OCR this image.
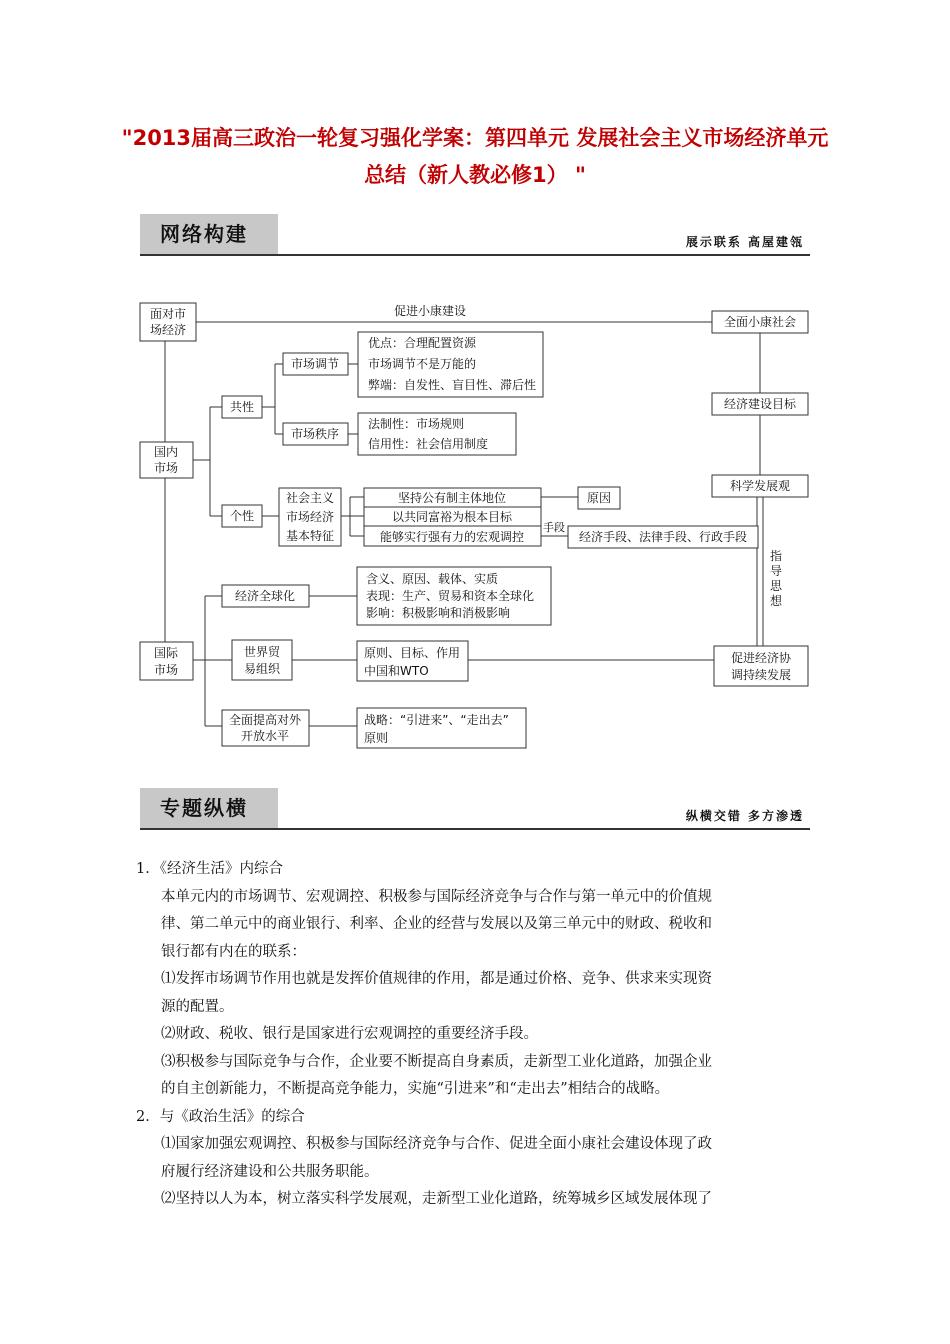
"2013届高三政治一轮复习强化学案：第四单元 发展社会主义市场经济单元总结（新人教必修1） "
网络构建	展示联系 高屋建瓴
专题纵横	纵横交错 多方渗透
面对市
场经济
促进小康建设
全面小康社会
优点：合理配置资源
市场调节不是万能的
弊端：自发性、盲目性、滞后性
市场调节
共性	经济建设目标
市场秩序
法制性：市场规则
信用性：社会信用制度
国内
市场
科学发展观
坚持公有制主体地位
以共同富裕为根本目标
能够实行强有力的宏观调控
原因
社会主义
市场经济
基本特征
个性
手段
经济手段、法律手段、行政手段
指
导
思
想
含义、原因、载体、实质
表现：生产、贸易和资本全球化
影响：积极影响和消极影响
经济全球化
世界贸
易组织
国际
市场
原则、目标、作用
中国和WTO
促进经济协
调持续发展
全面提高对外
开放水平
战略：“引进来”、“走出去”
原则

1．《经济生活》内综合

本单元内的市场调节、宏观调控、积极参与国际经济竞争与合作与第一单元中的价值规

律、第二单元中的商业银行、利率、企业的经营与发展以及第三单元中的财政、税收和

银行都有内在的联系：

⑴发挥市场调节作用也就是发挥价值规律的作用，都是通过价格、竞争、供求来实现资

源的配置。

⑵财政、税收、银行是国家进行宏观调控的重要经济手段。

⑶积极参与国际竞争与合作，企业要不断提高自身素质，走新型工业化道路，加强企业

的自主创新能力，不断提高竞争能力，实施“引进来”和“走出去”相结合的战略。

2．与《政治生活》的综合

⑴国家加强宏观调控、积极参与国际经济竞争与合作、促进全面小康社会建设体现了政

府履行经济建设和公共服务职能。

⑵坚持以人为本，树立落实科学发展观，走新型工业化道路，统筹城乡区域发展体现了
